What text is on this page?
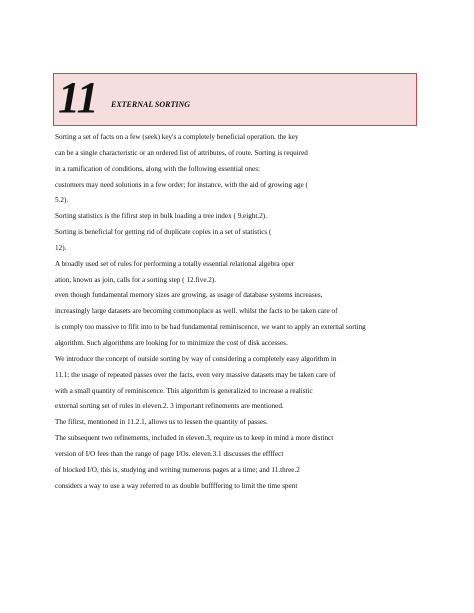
11 EXTERNAL SORTING
Sorting a set of facts on a few (seek) key's a completely beneficial operation. the key
can be a single characteristic or an ordered list of attributes, of route. Sorting is required
in a ramification of conditions, along with the following essential ones:
customers may need solutions in a few order; for instance, with the aid of growing age (
5.2).
Sorting statistics is the fifirst step in bulk loading a tree index ( 9.eight.2).
Sorting is beneficial for getting rid of duplicate copies in a set of statistics (
12).
A broadly used set of rules for performing a totally essential relational algebra oper
ation, known as join, calls for a sorting step ( 12.five.2).
even though fundamental memory sizes are growing, as usage of database systems increases,
increasingly large datasets are becoming commonplace as well. whilst the facts to be taken care of
is comply too massive to fifit into to be had fundamental reminiscence, we want to apply an external sorting
algorithm. Such algorithms are looking for to minimize the cost of disk accesses.
We introduce the concept of outside sorting by way of considering a completely easy algorithm in
11.1; the usage of repeated passes over the facts, even very massive datasets may be taken care of
with a small quantity of reminiscence. This algorithm is generalized to increase a realistic
external sorting set of rules in eleven.2. 3 important refinements are mentioned.
The fifirst, mentioned in 11.2.1, allows us to lessen the quantity of passes.
The subsequent two refinements, included in eleven.3, require us to keep in mind a more distinct
version of I/O fees than the range of page I/Os. eleven.3.1 discusses the effffect
of blocked I/O, this is, studying and writing numerous pages at a time; and 11.three.2
considers a way to use a way referred to as double buffffering to limit the time spent
